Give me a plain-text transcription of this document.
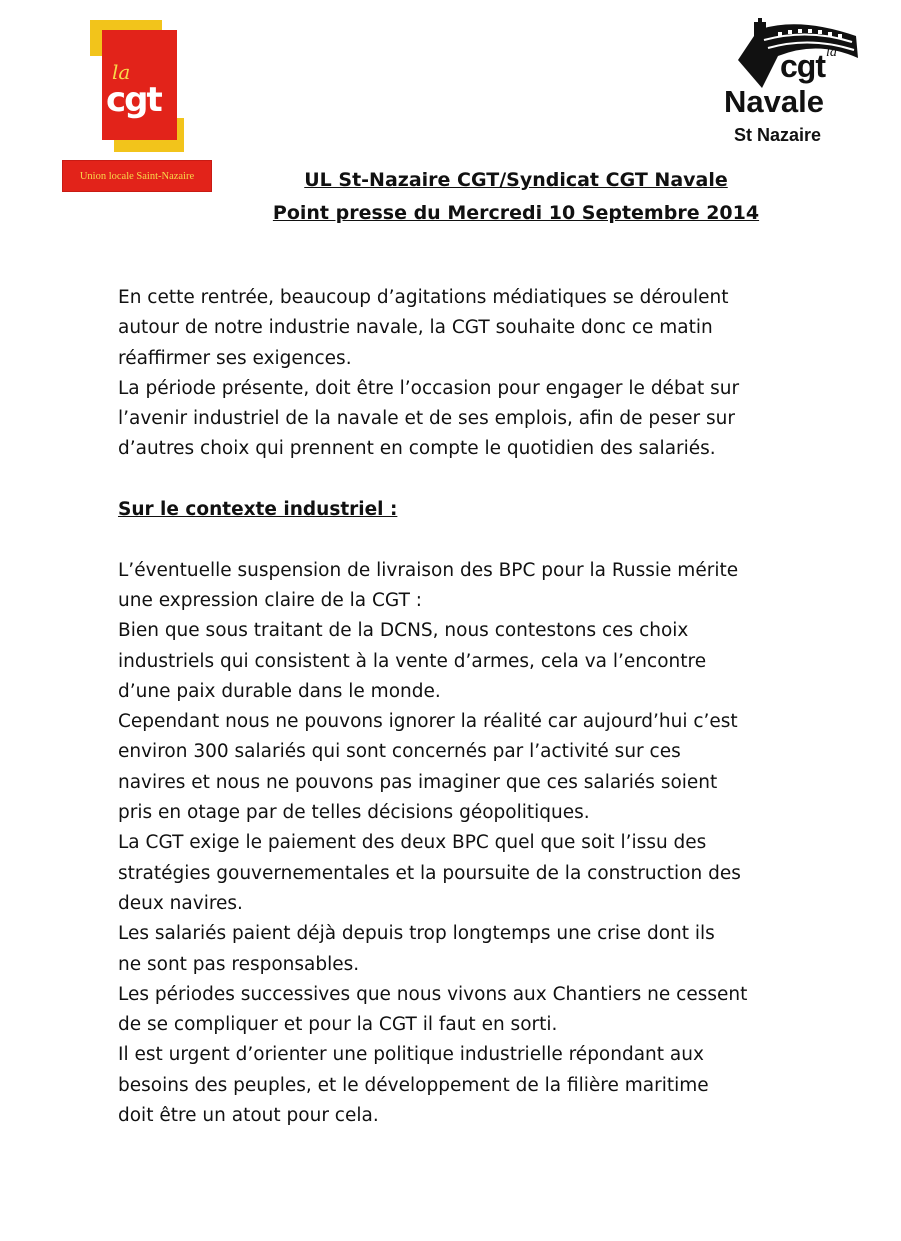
la
cgt
Union locale Saint-Nazaire
la
cgt
Navale
St Nazaire
UL St-Nazaire CGT/Syndicat CGT Navale
Point presse du Mercredi 10 Septembre 2014

En cette rentrée, beaucoup d’agitations médiatiques se déroulent

autour de notre industrie navale, la CGT souhaite donc ce matin

réaffirmer ses exigences.

La période présente, doit être l’occasion pour engager le débat sur

l’avenir industriel de la navale et de ses emplois, afin de peser sur

d’autres choix qui prennent en compte le quotidien des salariés.

Sur le contexte industriel :

L’éventuelle suspension de livraison des BPC pour la Russie mérite

une expression claire de la CGT :

Bien que sous traitant de la DCNS, nous contestons ces choix

industriels qui consistent à la vente d’armes, cela va l’encontre

d’une paix durable dans le monde.

Cependant nous ne pouvons ignorer la réalité car aujourd’hui c’est

environ 300 salariés qui sont concernés par l’activité sur ces

navires et nous ne pouvons pas imaginer que ces salariés soient

pris en otage par de telles décisions géopolitiques.

La CGT exige le paiement des deux BPC quel que soit l’issu des

stratégies gouvernementales et la poursuite de la construction des

deux navires.

Les salariés paient déjà depuis trop longtemps une crise dont ils

ne sont pas responsables.

Les périodes successives que nous vivons aux Chantiers ne cessent

de se compliquer et pour la CGT il faut en sorti.

Il est urgent d’orienter une politique industrielle répondant aux

besoins des peuples, et le développement de la filière maritime

doit être un atout pour cela.
